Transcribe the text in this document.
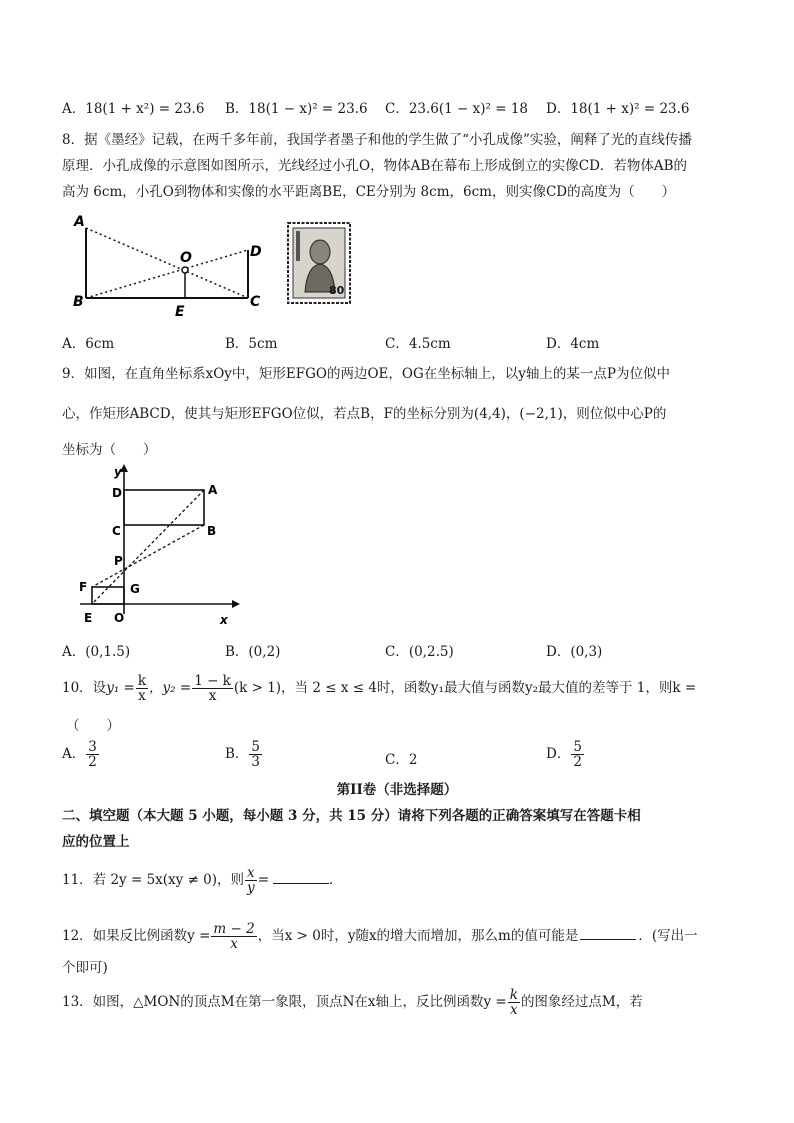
A．18(1 + x²) = 23.6 B．18(1 − x)² = 23.6 C．23.6(1 − x)² = 18 D．18(1 + x)² = 23.6
8．据《墨经》记载，在两千多年前，我国学者墨子和他的学生做了“小孔成像”实验，阐释了光的直线传播
原理．小孔成像的示意图如图所示，光线经过小孔O，物体AB在幕布上形成倒立的实像CD．若物体AB的
高为 6cm，小孔O到物体和实像的水平距离BE，CE分别为 8cm，6cm，则实像CD的高度为（　　）
A
B
O
E
C
D
80
A．6cm	B．5cm	C．4.5cm	D．4cm
9．如图，在直角坐标系xOy中，矩形EFGO的两边OE，OG在坐标轴上，以y轴上的某一点P为位似中
心，作矩形ABCD，使其与矩形EFGO位似，若点B，F的坐标分别为(4,4)，(−2,1)，则位似中心P的
坐标为（　　）
y
D	A
C	B
P
F	G
E O	x
A．(0,1.5)	B．(0,2)	C．(0,2.5)	D．(0,3)
10．设$y_1 = \frac{k}{x}$ ，$y_2 = \frac{1 - k}{x} (k > 1)$，当 2 ≤ x ≤ 4时，函数y₁最大值与函数y₂最大值的差等于 1，则k =
（　　）
A． $\frac{3}{2}$	B． $\frac{5}{3}$	C．2	D． $\frac{5}{2}$
第II卷（非选择题）
二、填空题（本大题 5 小题，每小题 3 分，共 15 分）请将下列各题的正确答案填写在答题卡相
应的位置上
11．若 2y = 5x(xy ≠ 0)，则 $\frac{x}{y}$ =	．
12．如果反比例函数$y = \frac{m - 2}{x}$ ，当x > 0时，y随x的增大而增加，那么m的值可能是	．(写出一
个即可)
13．如图，△MON的顶点M在第一象限，顶点N在x轴上，反比例函数$y = \frac{k}{x}$ 的图象经过点M，若
